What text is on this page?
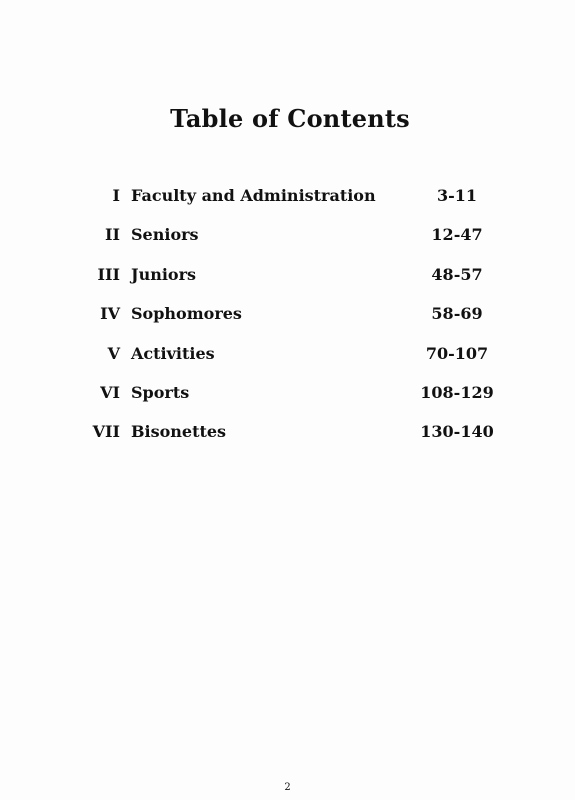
Table of Contents
I Faculty and Administration	3-11
II Seniors	12-47
III Juniors	48-57
IV Sophomores	58-69
V Activities	70-107
VI Sports	108-129
VII Bisonettes	130-140
2
